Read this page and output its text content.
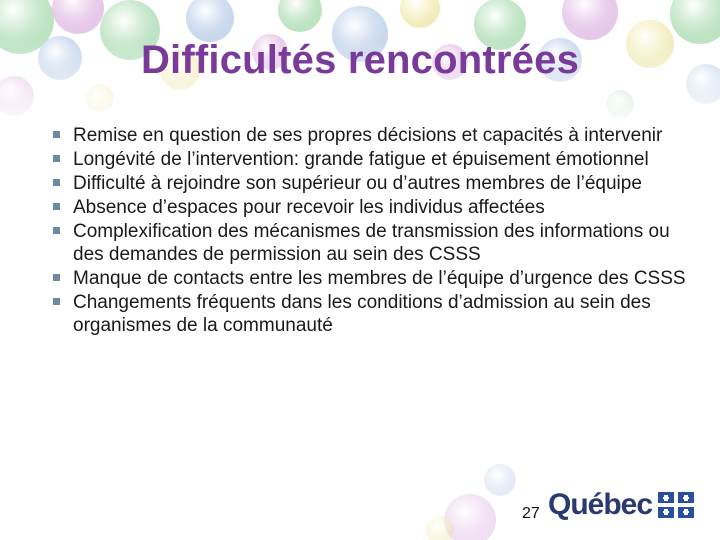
Difficultés rencontrées
Remise en question de ses propres décisions et capacités à intervenir
Longévité de l’intervention: grande fatigue et épuisement émotionnel
Difficulté à rejoindre son supérieur ou d’autres membres de l’équipe
Absence d’espaces pour recevoir les individus affectées
Complexification des mécanismes de transmission des informations ou des demandes de permission au sein des CSSS
Manque de contacts entre les membres de l’équipe d’urgence des CSSS
Changements fréquents dans les conditions d’admission au sein des organismes de la communauté
27 Québec
